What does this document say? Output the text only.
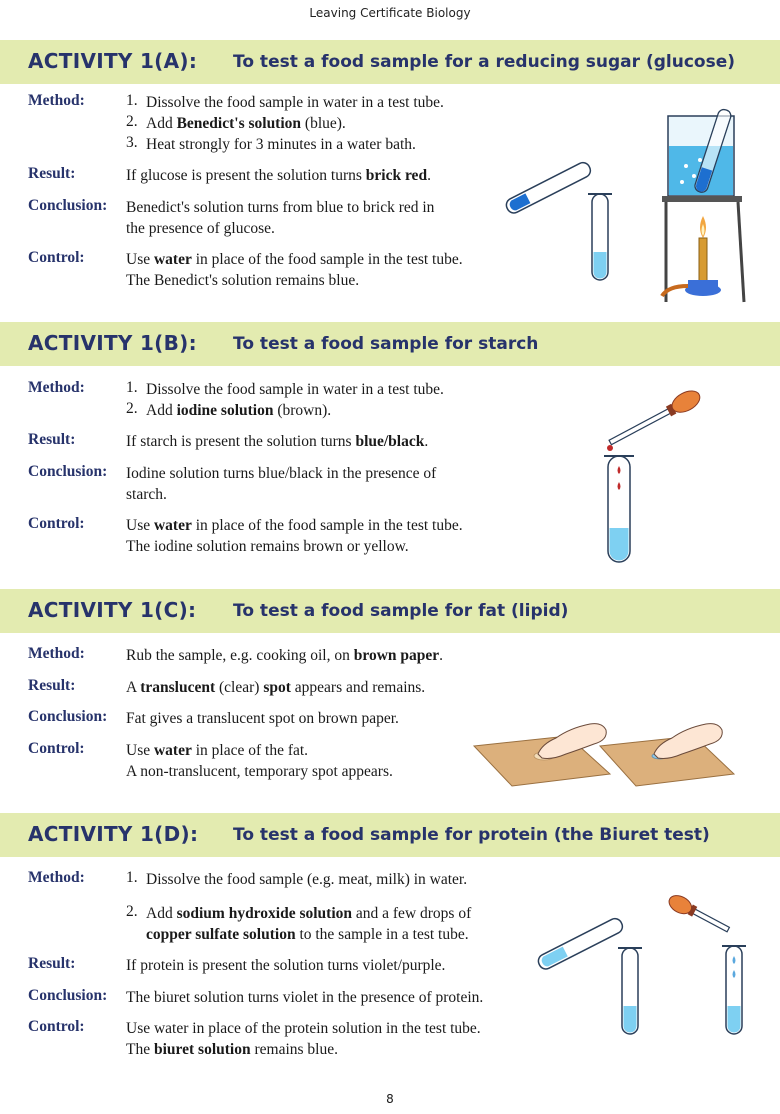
Leaving Certificate Biology
ACTIVITY 1(A): To test a food sample for a reducing sugar (glucose)
Method:	1. Dissolve the food sample in water in a test tube.
2. Add Benedict's solution (blue).
3. Heat strongly for 3 minutes in a water bath.
Result:	If glucose is present the solution turns brick red.
Conclusion: Benedict's solution turns from blue to brick red in
the presence of glucose.
Control:	Use water in place of the food sample in the test tube.
The Benedict's solution remains blue.
ACTIVITY 1(B): To test a food sample for starch
Method:	1. Dissolve the food sample in water in a test tube.
2. Add iodine solution (brown).
Result:	If starch is present the solution turns blue/black.
Conclusion: Iodine solution turns blue/black in the presence of
starch.
Control:	Use water in place of the food sample in the test tube.
The iodine solution remains brown or yellow.
ACTIVITY 1(C): To test a food sample for fat (lipid)
Method:	Rub the sample, e.g. cooking oil, on brown paper.
Result:	A translucent (clear) spot appears and remains.
Conclusion: Fat gives a translucent spot on brown paper.
Control:	Use water in place of the fat.
A non-translucent, temporary spot appears.
ACTIVITY 1(D): To test a food sample for protein (the Biuret test)
Method:	1. Dissolve the food sample (e.g. meat, milk) in water.
2. Add sodium hydroxide solution and a few drops of
copper sulfate solution to the sample in a test tube.
Result:	If protein is present the solution turns violet/purple.
Conclusion: The biuret solution turns violet in the presence of protein.
Control:	Use water in place of the protein solution in the test tube.
The biuret solution remains blue.
8
